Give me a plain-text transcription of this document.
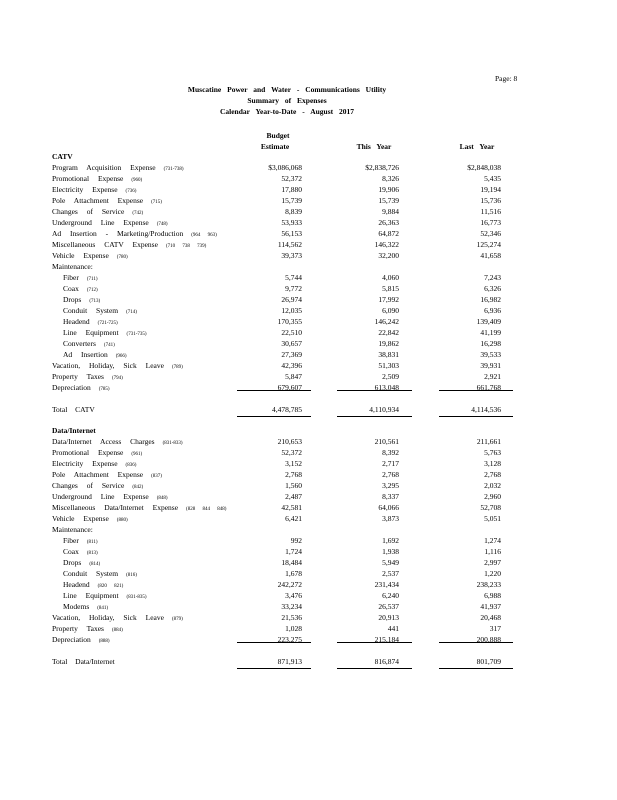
Page: 8
Muscatine Power and Water - Communications Utility
Summary of Expenses
Calendar Year-to-Date - August 2017
Budget
Estimate	This Year	Last Year
CATV
Program Acquisition Expense (731-738)	$3,086,068	$2,838,726	$2,848,038
Promotional Expense (960)	52,372	8,326	5,435
Electricity Expense (736)	17,880	19,906	19,194
Pole Attachment Expense (715)	15,739	15,739	15,736
Changes of Service (742)	8,839	9,884	11,516
Underground Line Expense (748)	53,933	26,363	16,773
Ad Insertion - Marketing/Production (964 963)	56,153	64,872	52,346
Miscellaneous CATV Expense (710 738 739)	114,562	146,322	125,274
Vehicle Expense (780)	39,373	32,200	41,658
Maintenance:
Fiber (711)	5,744	4,060	7,243
Coax (712)	9,772	5,815	6,326
Drops (713)	26,974	17,992	16,982
Conduit System (714)	12,035	6,090	6,936
Headend (721-725)	170,355	146,242	139,409
Line Equipment (731-735)	22,510	22,842	41,199
Converters (741)	30,657	19,862	16,298
Ad Insertion (966)	27,369	38,831	39,533
Vacation, Holiday, Sick Leave (789)	42,396	51,303	39,931
Property Taxes (794)	5,847	2,509	2,921
Depreciation (785)	679,607	613,048	661,768
Total CATV	4,478,785	4,110,934	4,114,536
Data/Internet
Data/Internet Access Charges (831-833)	210,653	210,561	211,661
Promotional Expense (961)	52,372	8,392	5,763
Electricity Expense (836)	3,152	2,717	3,128
Pole Attachment Expense (837)	2,768	2,768	2,768
Changes of Service (842)	1,560	3,295	2,032
Underground Line Expense (848)	2,487	8,337	2,960
Miscellaneous Data/Internet Expense (828 844 848)	42,581	64,066	52,708
Vehicle Expense (880)	6,421	3,873	5,051
Maintenance:
Fiber (811)	992	1,692	1,274
Coax (813)	1,724	1,938	1,116
Drops (814)	18,484	5,949	2,997
Conduit System (816)	1,678	2,537	1,220
Headend (820 821)	242,272	231,434	238,233
Line Equipment (831-835)	3,476	6,240	6,988
Modems (841)	33,234	26,537	41,937
Vacation, Holiday, Sick Leave (879)	21,536	20,913	20,468
Property Taxes (884)	1,028	441	317
Depreciation (888)	223,275	215,184	200,888
Total Data/Internet	871,913	816,874	801,709
